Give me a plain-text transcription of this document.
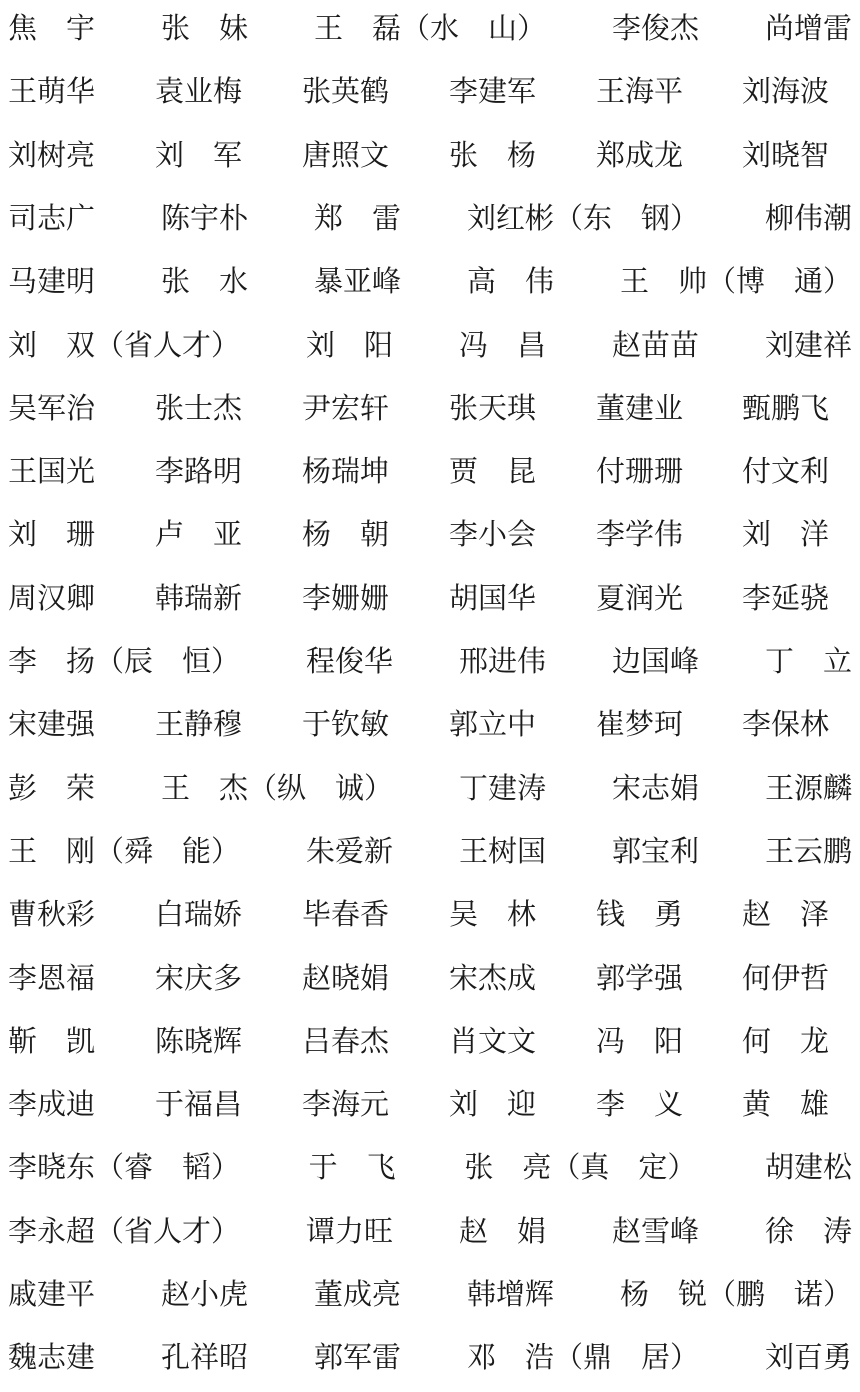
焦　宇 张　妹 王　磊（水　山） 李俊杰 尚增雷
王萌华 袁业梅 张英鹤 李建军 王海平 刘海波
刘树亮 刘　军 唐照文 张　杨 郑成龙 刘晓智
司志广 陈宇朴 郑　雷 刘红彬（东　钢） 柳伟潮
马建明 张　水 暴亚峰 高　伟 王　帅（博　通）
刘　双（省人才） 刘　阳 冯　昌 赵苗苗 刘建祥
吴军治 张士杰 尹宏轩 张天琪 董建业 甄鹏飞
王国光 李路明 杨瑞坤 贾　昆 付珊珊 付文利
刘　珊 卢　亚 杨　朝 李小会 李学伟 刘　洋
周汉卿 韩瑞新 李姗姗 胡国华 夏润光 李延骁
李　扬（辰　恒） 程俊华 邢进伟 边国峰 丁　立
宋建强 王静穆 于钦敏 郭立中 崔梦珂 李保林
彭　荣 王　杰（纵　诚） 丁建涛 宋志娟 王源麟
王　刚（舜　能） 朱爱新 王树国 郭宝利 王云鹏
曹秋彩 白瑞娇 毕春香 吴　林 钱　勇 赵　泽
李恩福 宋庆多 赵晓娟 宋杰成 郭学强 何伊哲
靳　凯 陈晓辉 吕春杰 肖文文 冯　阳 何　龙
李成迪 于福昌 李海元 刘　迎 李　义 黄　雄
李晓东（睿　韬） 于　飞 张　亮（真　定） 胡建松
李永超（省人才） 谭力旺 赵　娟 赵雪峰 徐　涛
戚建平 赵小虎 董成亮 韩增辉 杨　锐（鹏　诺）
魏志建 孔祥昭 郭军雷 邓　浩（鼎　居） 刘百勇
